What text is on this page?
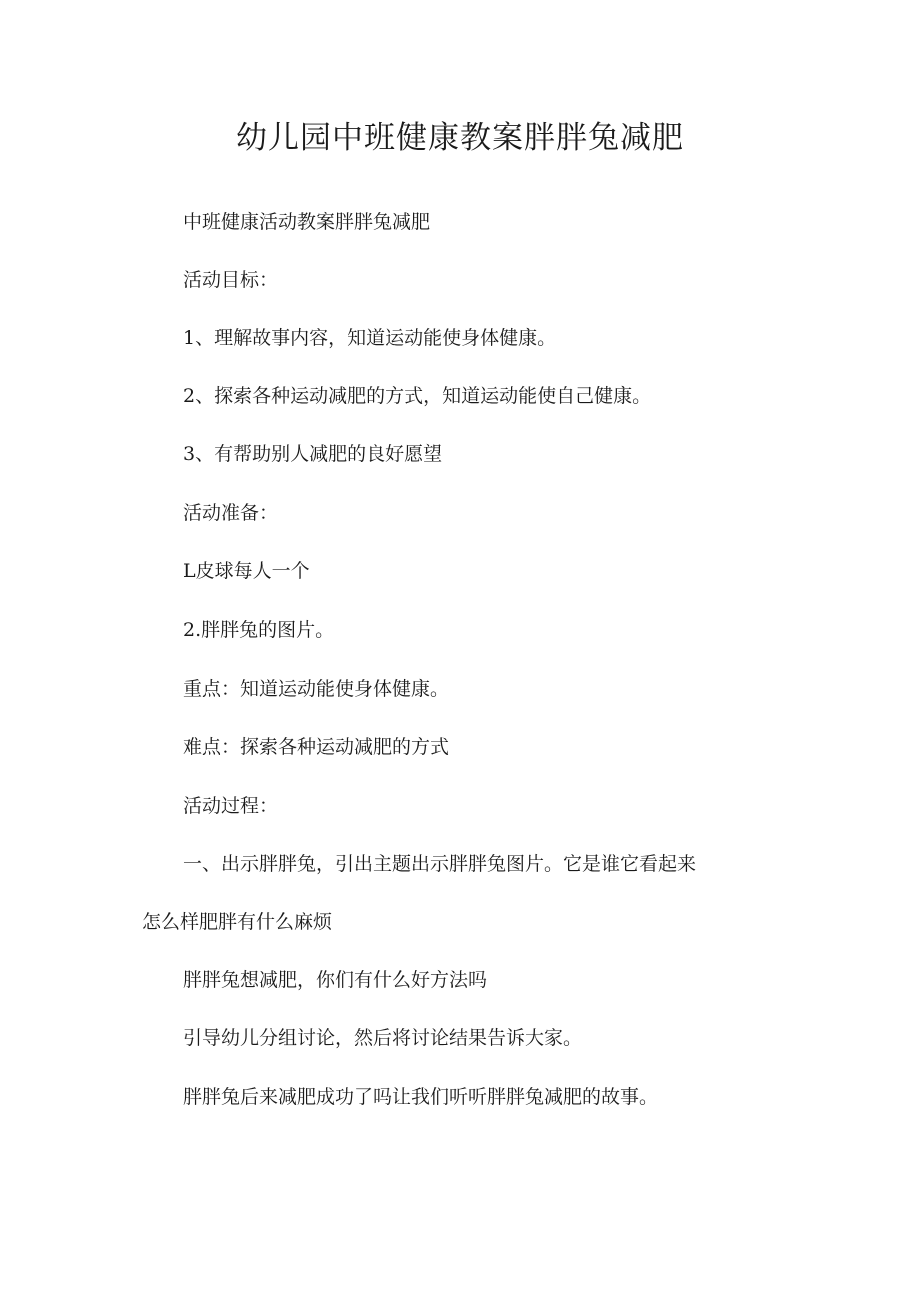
幼儿园中班健康教案胖胖兔减肥
中班健康活动教案胖胖兔减肥
活动目标：
1、理解故事内容，知道运动能使身体健康。
2、探索各种运动减肥的方式，知道运动能使自己健康。
3、有帮助别人减肥的良好愿望
活动准备：
L皮球每人一个
2.胖胖兔的图片。
重点：知道运动能使身体健康。
难点：探索各种运动减肥的方式
活动过程：
一、出示胖胖兔，引出主题出示胖胖兔图片。它是谁它看起来
怎么样肥胖有什么麻烦
胖胖兔想减肥，你们有什么好方法吗
引导幼儿分组讨论，然后将讨论结果告诉大家。
胖胖兔后来减肥成功了吗让我们听听胖胖兔减肥的故事。
